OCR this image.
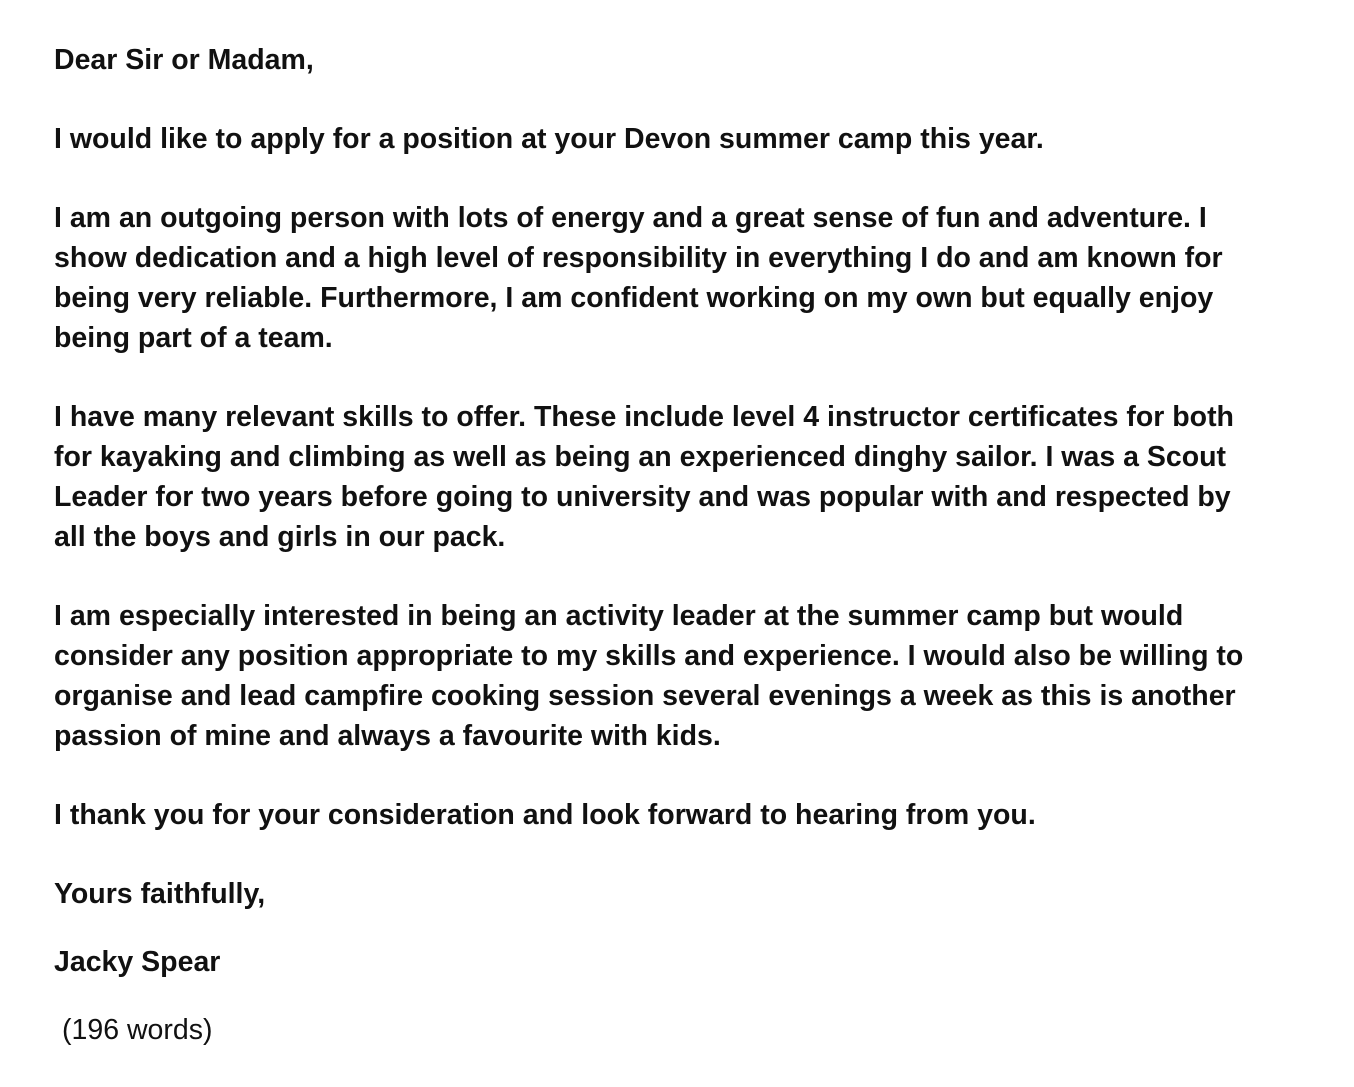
Dear Sir or Madam,

I would like to apply for a position at your Devon summer camp this year.

I am an outgoing person with lots of energy and a great sense of fun and adventure. I
show dedication and a high level of responsibility in everything I do and am known for
being very reliable. Furthermore, I am confident working on my own but equally enjoy
being part of a team.

I have many relevant skills to offer. These include level 4 instructor certificates for both
for kayaking and climbing as well as being an experienced dinghy sailor. I was a Scout
Leader for two years before going to university and was popular with and respected by
all the boys and girls in our pack.

I am especially interested in being an activity leader at the summer camp but would
consider any position appropriate to my skills and experience. I would also be willing to
organise and lead campfire cooking session several evenings a week as this is another
passion of mine and always a favourite with kids.

I thank you for your consideration and look forward to hearing from you.

Yours faithfully,

Jacky Spear

(196 words)
